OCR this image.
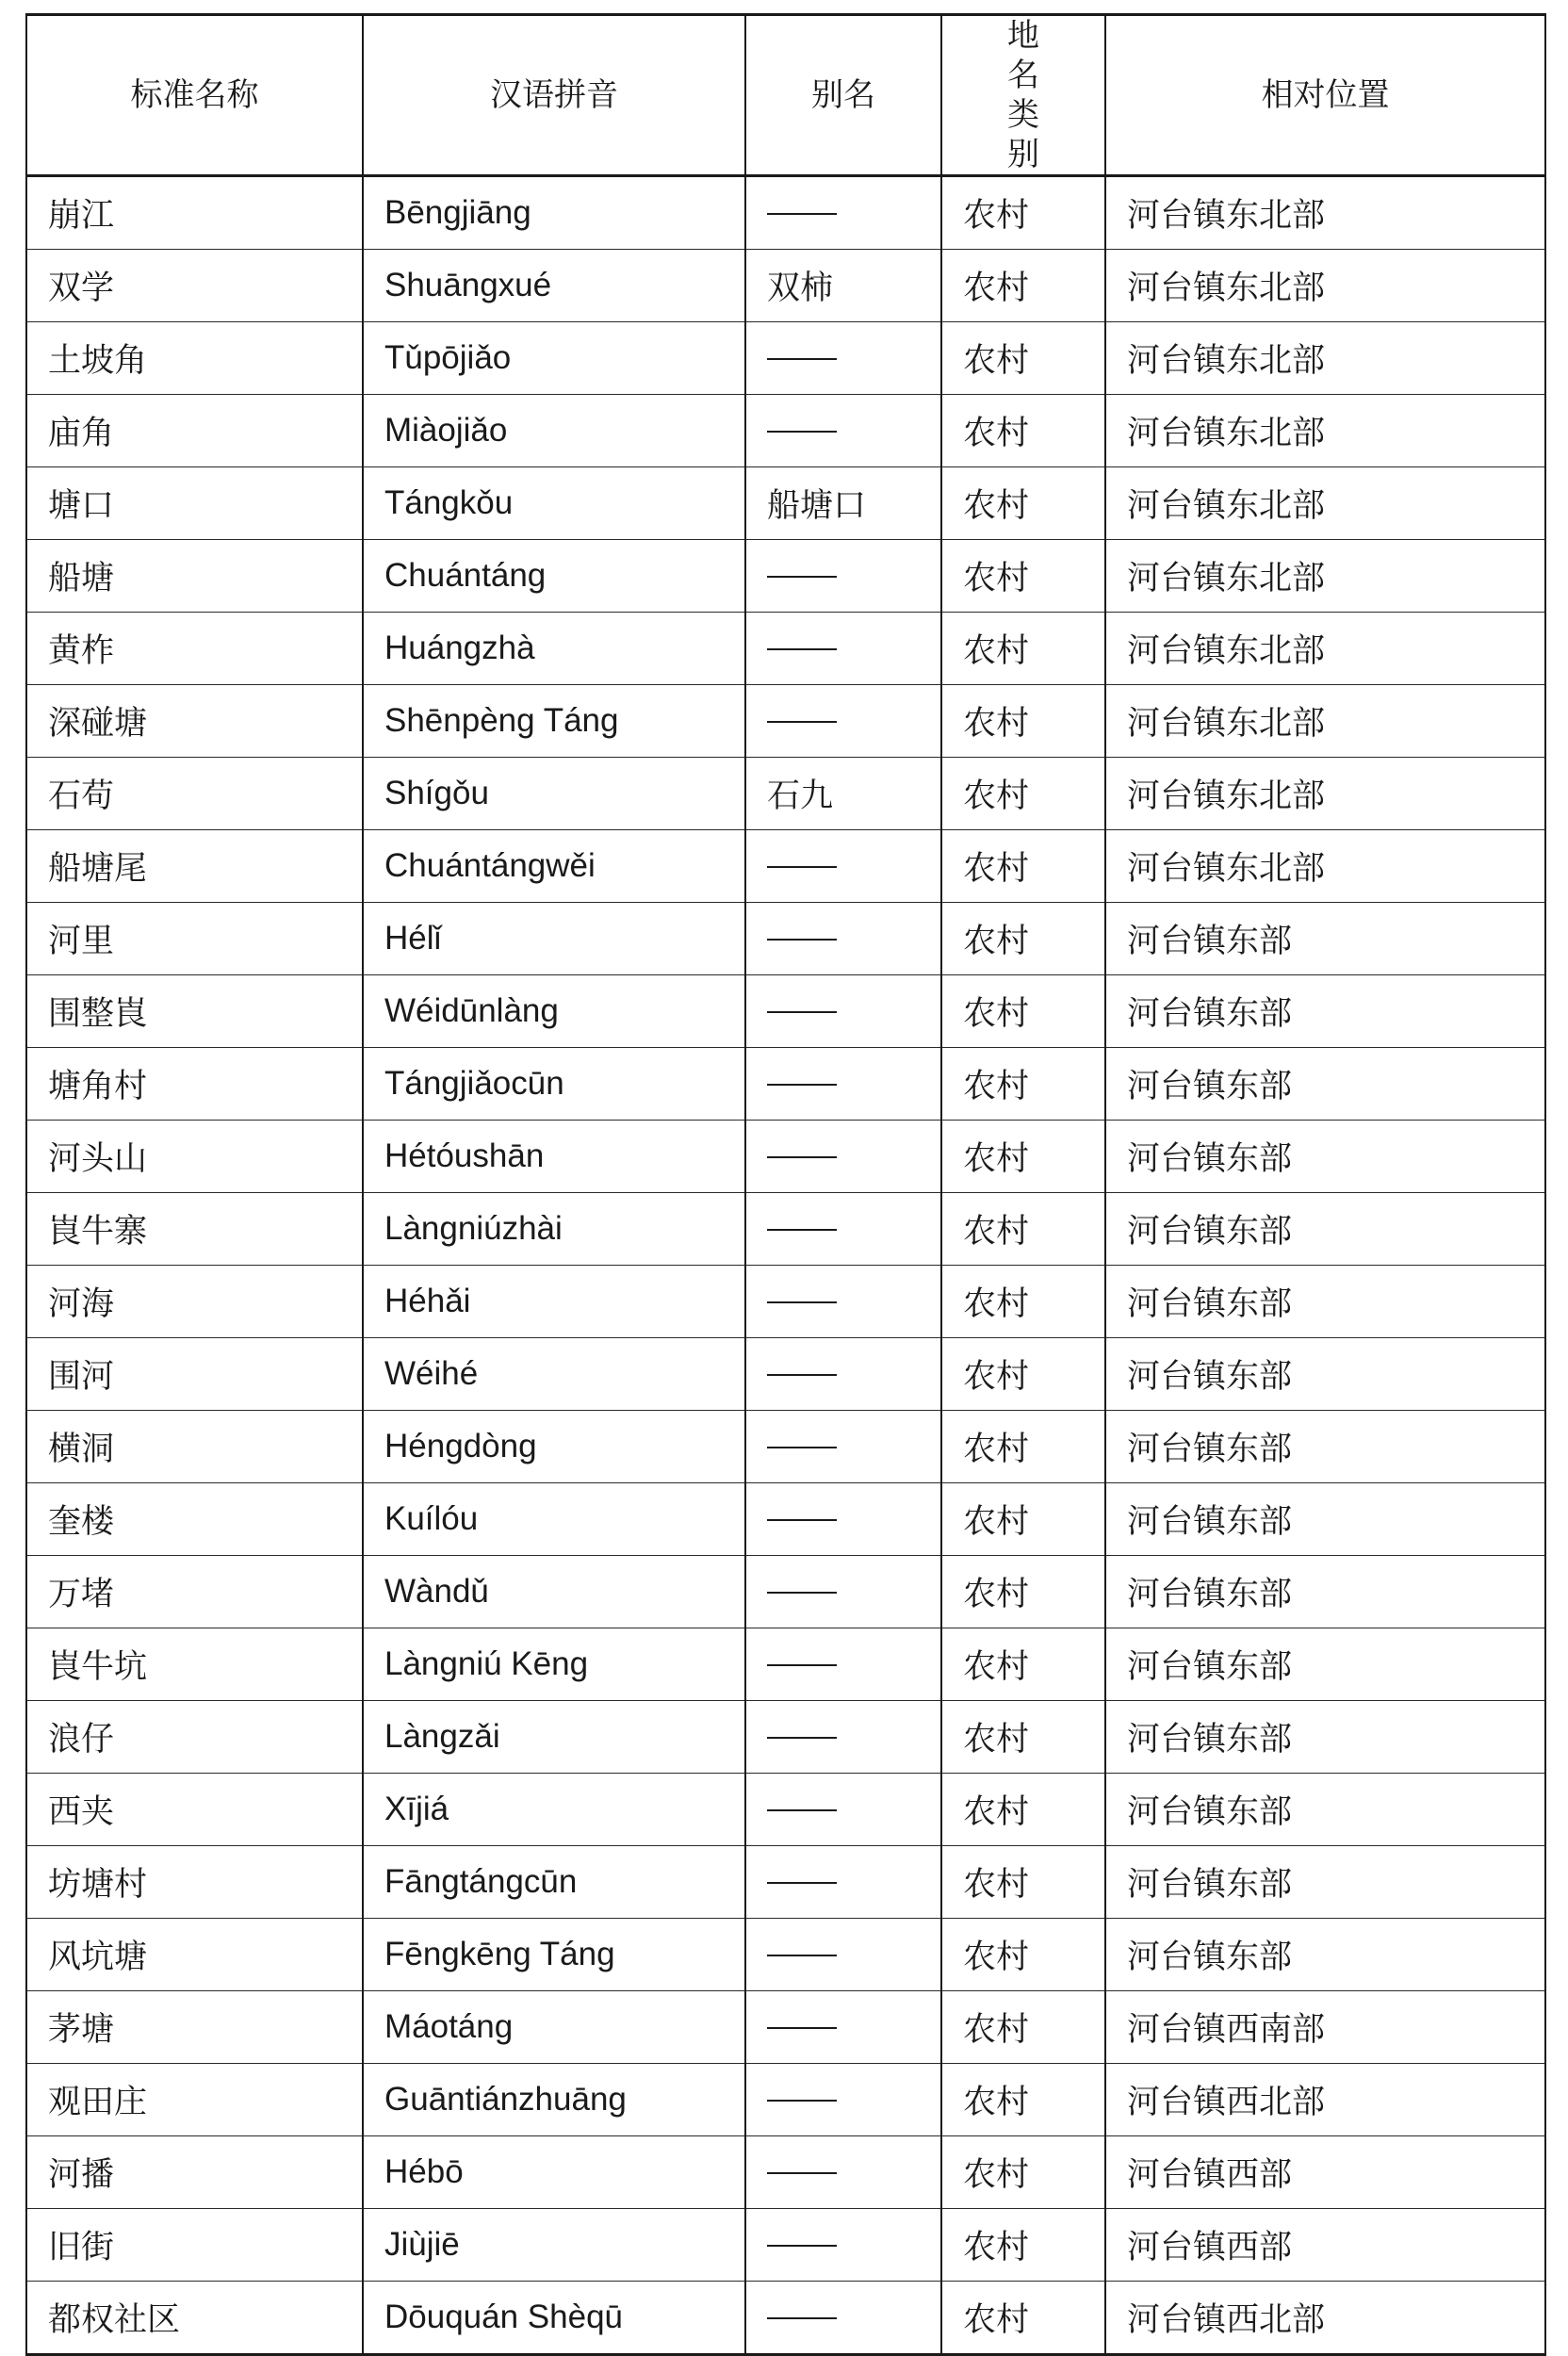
标准名称	汉语拼音	别名	地名类别	相对位置
崩江	Bēngjiāng		农村	河台镇东北部
双学	Shuāngxué	双柿	农村	河台镇东北部
土坡角	Tǔpōjiǎo		农村	河台镇东北部
庙角	Miàojiǎo		农村	河台镇东北部
塘口	Tángkǒu	船塘口	农村	河台镇东北部
船塘	Chuántáng		农村	河台镇东北部
黄柞	Huángzhà		农村	河台镇东北部
深碰塘	Shēnpèng Táng		农村	河台镇东北部
石苟	Shígǒu	石九	农村	河台镇东北部
船塘尾	Chuántángwěi		农村	河台镇东北部
河里	Hélǐ		农村	河台镇东部
围整崀	Wéidūnlàng		农村	河台镇东部
塘角村	Tángjiǎocūn		农村	河台镇东部
河头山	Hétóushān		农村	河台镇东部
崀牛寨	Làngniúzhài		农村	河台镇东部
河海	Héhǎi		农村	河台镇东部
围河	Wéihé		农村	河台镇东部
横洞	Héngdòng		农村	河台镇东部
奎楼	Kuílóu		农村	河台镇东部
万堵	Wàndǔ		农村	河台镇东部
崀牛坑	Làngniú Kēng		农村	河台镇东部
浪仔	Làngzǎi		农村	河台镇东部
西夹	Xījiá		农村	河台镇东部
坊塘村	Fāngtángcūn		农村	河台镇东部
风坑塘	Fēngkēng Táng		农村	河台镇东部
茅塘	Máotáng		农村	河台镇西南部
观田庄	Guāntiánzhuāng		农村	河台镇西北部
河播	Hébō		农村	河台镇西部
旧街	Jiùjiē		农村	河台镇西部
都权社区	Dōuquán Shèqū		农村	河台镇西北部
